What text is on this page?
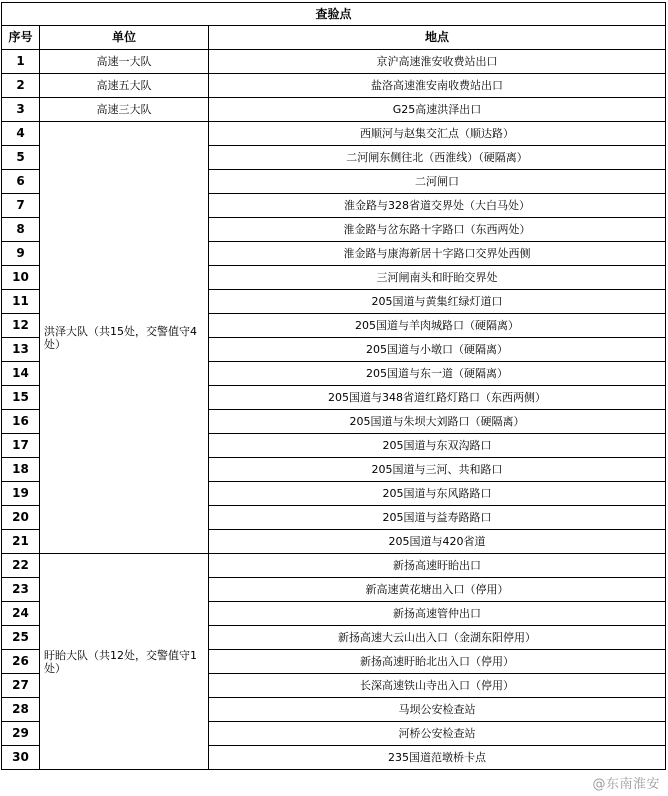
查验点		
序号	单位	地点
1	高速一大队	京沪高速淮安收费站出口
2	高速五大队	盐洛高速淮安南收费站出口
3	高速三大队	G25高速洪泽出口
4	洪泽大队（共15处，交警值守4处）	西顺河与赵集交汇点（顺达路）
5		二河闸东侧往北（西淮线）（硬隔离）
6		二河闸口
7		淮金路与328省道交界处（大白马处）
8		淮金路与岔东路十字路口（东西两处）
9		淮金路与康海新居十字路口交界处西侧
10		三河闸南头和盱眙交界处
11		205国道与黄集红绿灯道口
12		205国道与羊肉城路口（硬隔离）
13		205国道与小墩口（硬隔离）
14		205国道与东一道（硬隔离）
15		205国道与348省道红路灯路口（东西两侧）
16		205国道与朱坝大刘路口（硬隔离）
17		205国道与东双沟路口
18		205国道与三河、共和路口
19		205国道与东风路路口
20		205国道与益寿路路口
21		205国道与420省道
22	盱眙大队（共12处，交警值守1处）	新扬高速盱眙出口
23		新高速黄花塘出入口（停用）
24		新扬高速管仲出口
25		新扬高速大云山出入口（金湖东阳停用）
26		新扬高速盱眙北出入口（停用）
27		长深高速铁山寺出入口（停用）
28		马坝公安检查站
29		河桥公安检查站
30		235国道范墩桥卡点
@东南淮安
